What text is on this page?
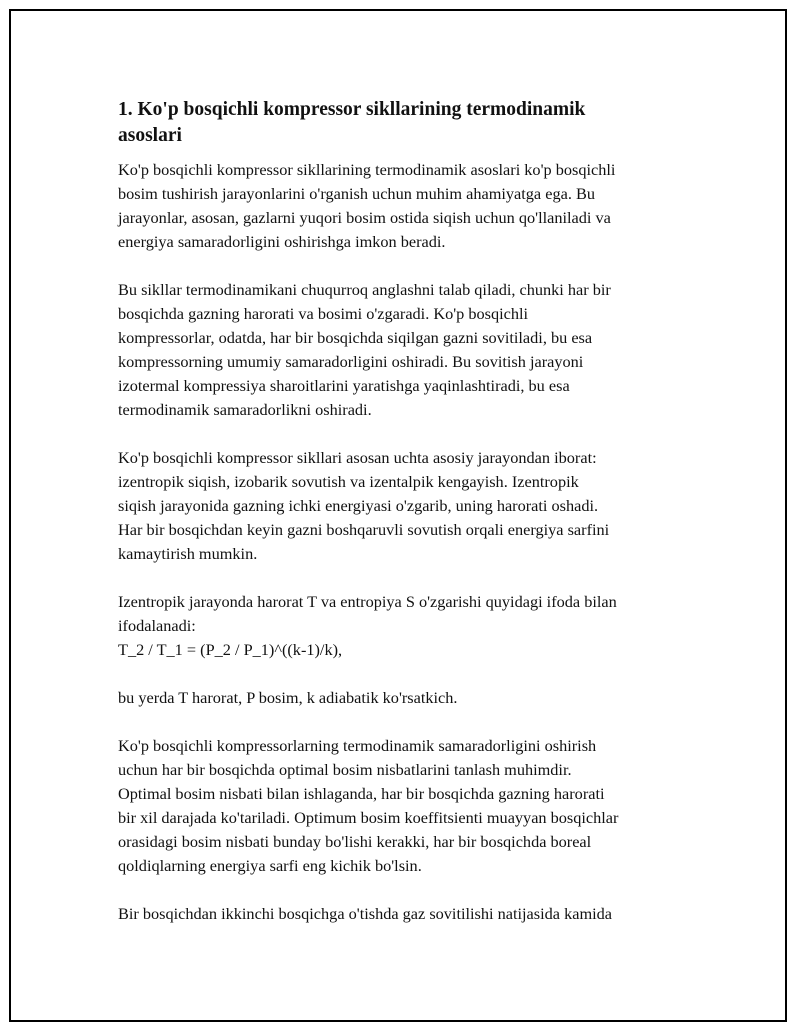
1. Ko'p bosqichli kompressor sikllarining termodinamik
asoslari

Ko'p bosqichli kompressor sikllarining termodinamik asoslari ko'p bosqichli
bosim tushirish jarayonlarini o'rganish uchun muhim ahamiyatga ega. Bu
jarayonlar, asosan, gazlarni yuqori bosim ostida siqish uchun qo'llaniladi va
energiya samaradorligini oshirishga imkon beradi.

Bu sikllar termodinamikani chuqurroq anglashni talab qiladi, chunki har bir
bosqichda gazning harorati va bosimi o'zgaradi. Ko'p bosqichli
kompressorlar, odatda, har bir bosqichda siqilgan gazni sovitiladi, bu esa
kompressorning umumiy samaradorligini oshiradi. Bu sovitish jarayoni
izotermal kompressiya sharoitlarini yaratishga yaqinlashtiradi, bu esa
termodinamik samaradorlikni oshiradi.

Ko'p bosqichli kompressor sikllari asosan uchta asosiy jarayondan iborat:
izentropik siqish, izobarik sovutish va izentalpik kengayish. Izentropik
siqish jarayonida gazning ichki energiyasi o'zgarib, uning harorati oshadi.
Har bir bosqichdan keyin gazni boshqaruvli sovutish orqali energiya sarfini
kamaytirish mumkin.

Izentropik jarayonda harorat T va entropiya S o'zgarishi quyidagi ifoda bilan
ifodalanadi:
T_2 / T_1 = (P_2 / P_1)^((k-1)/k),

bu yerda T harorat, P bosim, k adiabatik ko'rsatkich.

Ko'p bosqichli kompressorlarning termodinamik samaradorligini oshirish
uchun har bir bosqichda optimal bosim nisbatlarini tanlash muhimdir.
Optimal bosim nisbati bilan ishlaganda, har bir bosqichda gazning harorati
bir xil darajada ko'tariladi. Optimum bosim koeffitsienti muayyan bosqichlar
orasidagi bosim nisbati bunday bo'lishi kerakki, har bir bosqichda boreal
qoldiqlarning energiya sarfi eng kichik bo'lsin.

Bir bosqichdan ikkinchi bosqichga o'tishda gaz sovitilishi natijasida kamida
